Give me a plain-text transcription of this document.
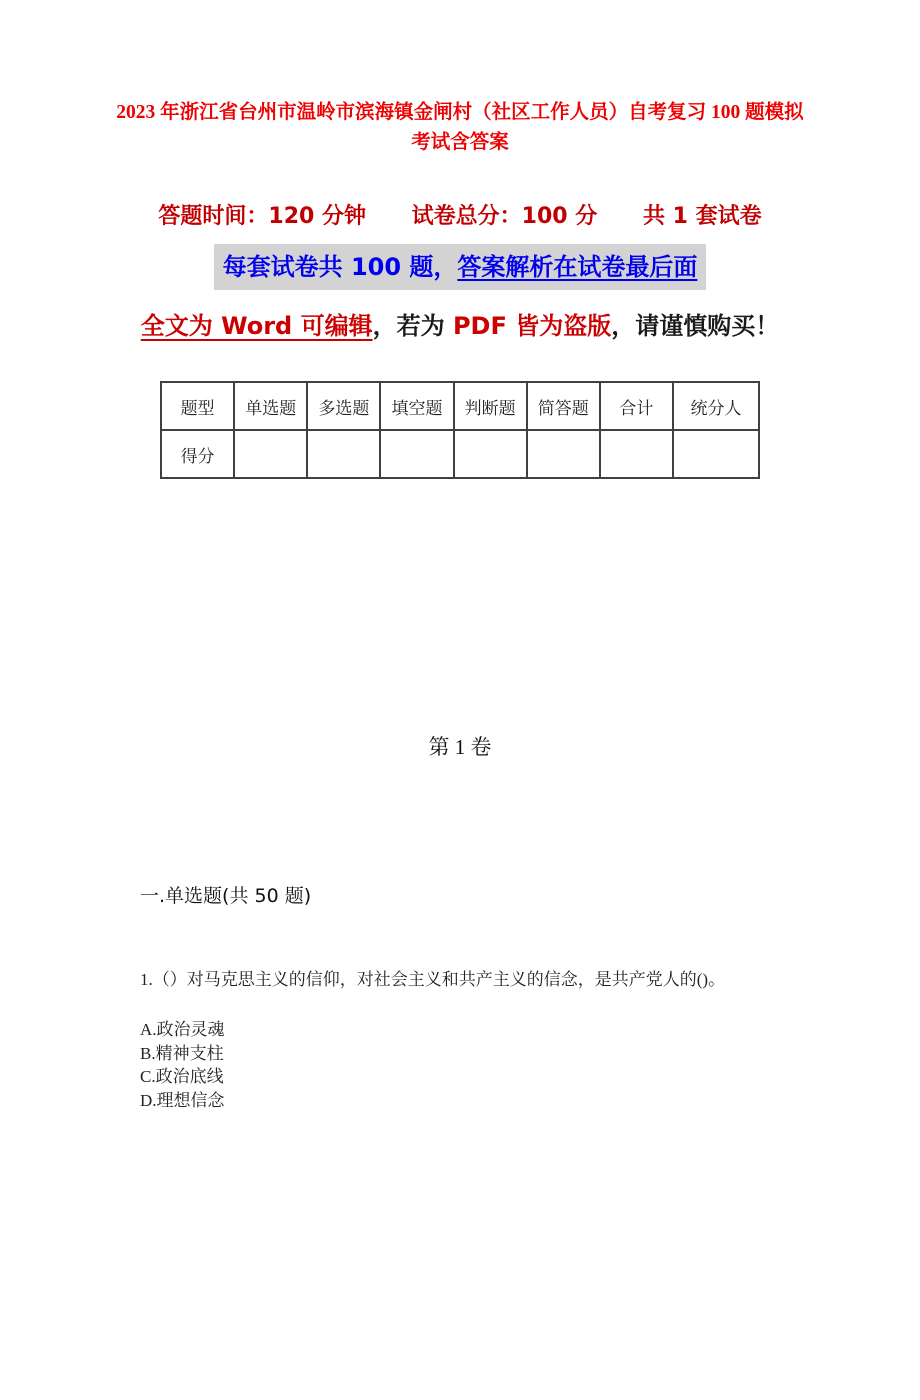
2023 年浙江省台州市温岭市滨海镇金闸村（社区工作人员）自考复习 100 题模拟考试含答案
答题时间：120 分钟 试卷总分：100 分 共 1 套试卷
每套试卷共 100 题，答案解析在试卷最后面
全文为 Word 可编辑，若为 PDF 皆为盗版，请谨慎购买！
题型	单选题	多选题	填空题	判断题	简答题	合计	统分人
得分							
第 1 卷
一.单选题(共 50 题)
1.（）对马克思主义的信仰，对社会主义和共产主义的信念，是共产党人的()。
A.政治灵魂
B.精神支柱
C.政治底线
D.理想信念
